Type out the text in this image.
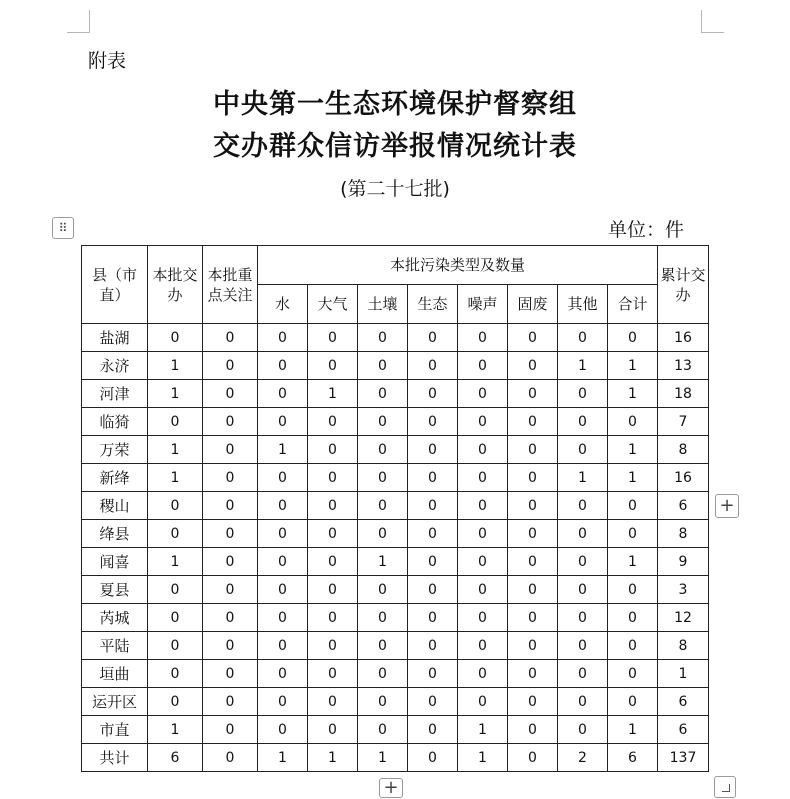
附表
中央第一生态环境保护督察组
交办群众信访举报情况统计表
(第二十七批)
单位：件
⠿
县（市直）	本批交办	本批重点关注	本批污染类型及数量								累计交办
			水	大气	土壤	生态	噪声	固废	其他	合计	
盐湖	0	0	0	0	0	0	0	0	0	0	16
永济	1	0	0	0	0	0	0	0	1	1	13
河津	1	0	0	1	0	0	0	0	0	1	18
临猗	0	0	0	0	0	0	0	0	0	0	7
万荣	1	0	1	0	0	0	0	0	0	1	8
新绛	1	0	0	0	0	0	0	0	1	1	16
稷山	0	0	0	0	0	0	0	0	0	0	6
绛县	0	0	0	0	0	0	0	0	0	0	8
闻喜	1	0	0	0	1	0	0	0	0	1	9
夏县	0	0	0	0	0	0	0	0	0	0	3
芮城	0	0	0	0	0	0	0	0	0	0	12
平陆	0	0	0	0	0	0	0	0	0	0	8
垣曲	0	0	0	0	0	0	0	0	0	0	1
运开区	0	0	0	0	0	0	0	0	0	0	6
市直	1	0	0	0	0	0	1	0	0	1	6
共计	6	0	1	1	1	0	1	0	2	6	137
+
+
